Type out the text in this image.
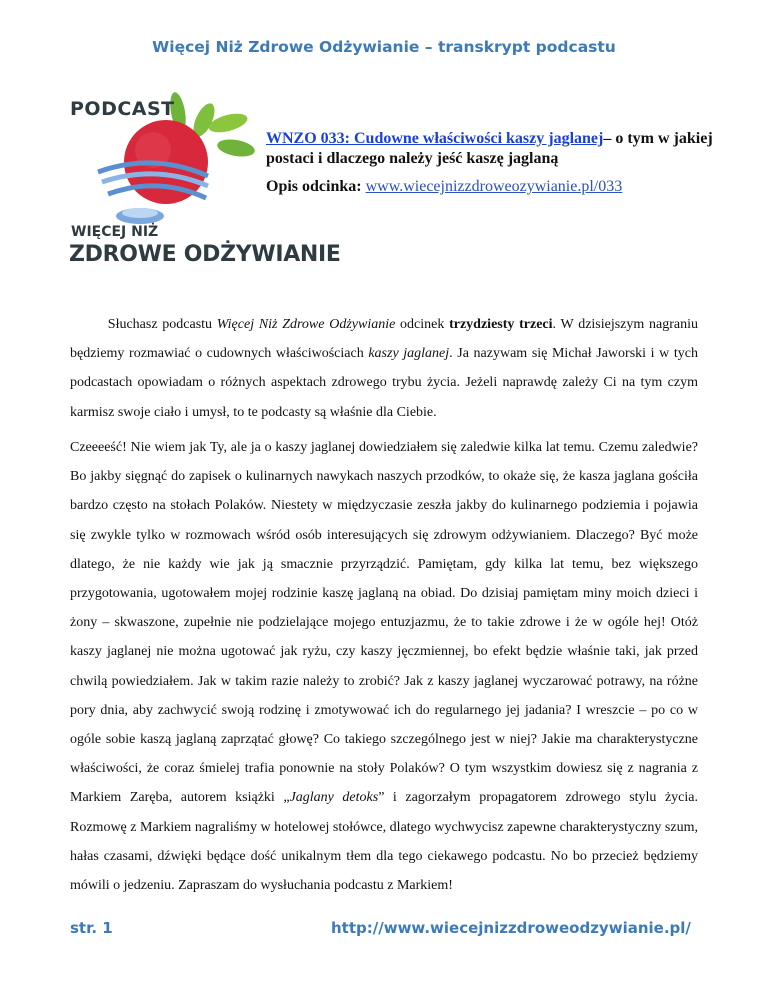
Więcej Niż Zdrowe Odżywianie – transkrypt podcastu
PODCAST
WIĘCEJ NIŻ
ZDROWE ODŻYWIANIE
WNZO 033: Cudowne właściwości kaszy jaglanej– o tym w jakiej postaci i dlaczego należy jeść kaszę jaglaną
Opis odcinka: www.wiecejnizzdroweozywianie.pl/033
Słuchasz podcastu Więcej Niż Zdrowe Odżywianie odcinek trzydziesty trzeci. W dzisiejszym nagraniu będziemy rozmawiać o cudownych właściwościach kaszy jaglanej. Ja nazywam się Michał Jaworski i w tych podcastach opowiadam o różnych aspektach zdrowego trybu życia. Jeżeli naprawdę zależy Ci na tym czym karmisz swoje ciało i umysł, to te podcasty są właśnie dla Ciebie.
Czeeeeść! Nie wiem jak Ty, ale ja o kaszy jaglanej dowiedziałem się zaledwie kilka lat temu. Czemu zaledwie? Bo jakby sięgnąć do zapisek o kulinarnych nawykach naszych przodków, to okaże się, że kasza jaglana gościła bardzo często na stołach Polaków. Niestety w międzyczasie zeszła jakby do kulinarnego podziemia i pojawia się zwykle tylko w rozmowach wśród osób interesujących się zdrowym odżywianiem. Dlaczego? Być może dlatego, że nie każdy wie jak ją smacznie przyrządzić. Pamiętam, gdy kilka lat temu, bez większego przygotowania, ugotowałem mojej rodzinie kaszę jaglaną na obiad. Do dzisiaj pamiętam miny moich dzieci i żony – skwaszone, zupełnie nie podzielające mojego entuzjazmu, że to takie zdrowe i że w ogóle hej! Otóż kaszy jaglanej nie można ugotować jak ryżu, czy kaszy jęczmiennej, bo efekt będzie właśnie taki, jak przed chwilą powiedziałem. Jak w takim razie należy to zrobić? Jak z kaszy jaglanej wyczarować potrawy, na różne pory dnia, aby zachwycić swoją rodzinę i zmotywować ich do regularnego jej jadania? I wreszcie – po co w ogóle sobie kaszą jaglaną zaprzątać głowę? Co takiego szczególnego jest w niej? Jakie ma charakterystyczne właściwości, że coraz śmielej trafia ponownie na stoły Polaków? O tym wszystkim dowiesz się z nagrania z Markiem Zaręba, autorem książki „Jaglany detoks” i zagorzałym propagatorem zdrowego stylu życia. Rozmowę z Markiem nagraliśmy w hotelowej stołówce, dlatego wychwycisz zapewne charakterystyczny szum, hałas czasami, dźwięki będące dość unikalnym tłem dla tego ciekawego podcastu. No bo przecież będziemy mówili o jedzeniu. Zapraszam do wysłuchania podcastu z Markiem!
str. 1	http://www.wiecejnizzdroweodzywianie.pl/
